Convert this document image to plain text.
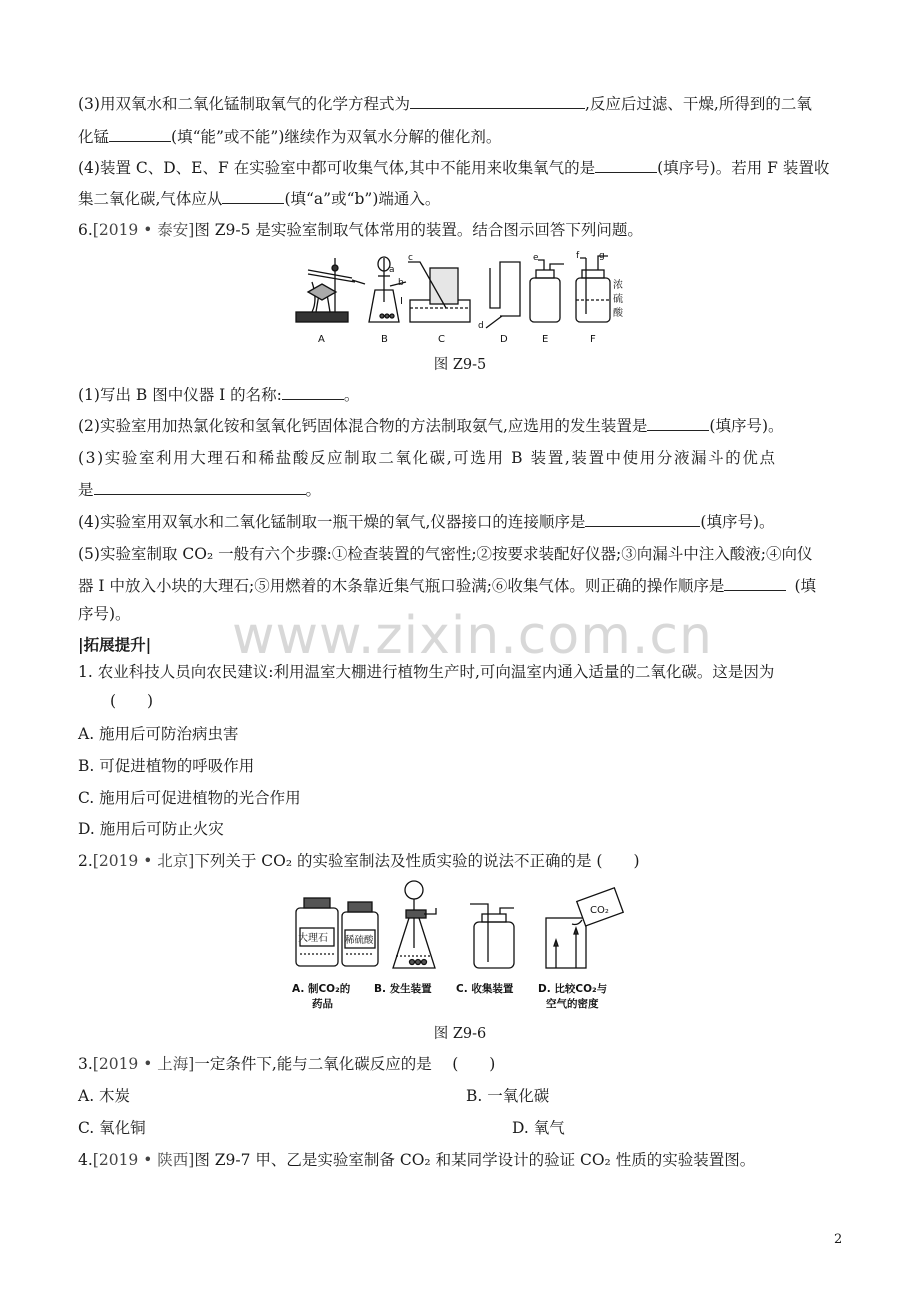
(3)用双氧水和二氧化锰制取氧气的化学方程式为	,反应后过滤、干燥,所得到的二氧
化锰	(填“能”或不能”)继续作为双氧水分解的催化剂。
(4)装置 C、D、E、F 在实验室中都可收集气体,其中不能用来收集氧气的是	(填序号)。若用 F 装置收
集二氧化碳,气体应从	(填“a”或“b”)端通入。
6.[2019 • 泰安]图 Z9-5 是实验室制取气体常用的装置。结合图示回答下列问题。
A	B	C	D	E	F
a
b
c
d
e	f g
I
浓
硫
酸
图 Z9-5
(1)写出 B 图中仪器 I 的名称:	。
(2)实验室用加热氯化铵和氢氧化钙固体混合物的方法制取氨气,应选用的发生装置是	(填序号)。
(3)实验室利用大理石和稀盐酸反应制取二氧化碳,可选用 B 装置,装置中使用分液漏斗的优点
是	。
(4)实验室用双氧水和二氧化锰制取一瓶干燥的氧气,仪器接口的连接顺序是	(填序号)。
(5)实验室制取 CO₂ 一般有六个步骤:①检查装置的气密性;②按要求装配好仪器;③向漏斗中注入酸液;④向仪
器 I 中放入小块的大理石;⑤用燃着的木条靠近集气瓶口验满;⑥收集气体。则正确的操作顺序是	(填
序号)。 www.zixin.com.cn
|拓展提升|
1. 农业科技人员向农民建议:利用温室大棚进行植物生产时,可向温室内通入适量的二氧化碳。这是因为
(　　)
A. 施用后可防治病虫害
B. 可促进植物的呼吸作用
C. 施用后可促进植物的光合作用
D. 施用后可防止火灾
2.[2019 • 北京]下列关于 CO₂ 的实验室制法及性质实验的说法不正确的是 (　　)
大理石 稀硫酸
CO₂
A. 制CO₂的
药品
B. 发生装置 C. 收集装置 D. 比较CO₂与
空气的密度
图 Z9-6
3.[2019 • 上海]一定条件下,能与二氧化碳反应的是　 (　　)
A. 木炭	B. 一氧化碳
C. 氧化铜	D. 氧气
4.[2019 • 陕西]图 Z9-7 甲、乙是实验室制备 CO₂ 和某同学设计的验证 CO₂ 性质的实验装置图。
2
